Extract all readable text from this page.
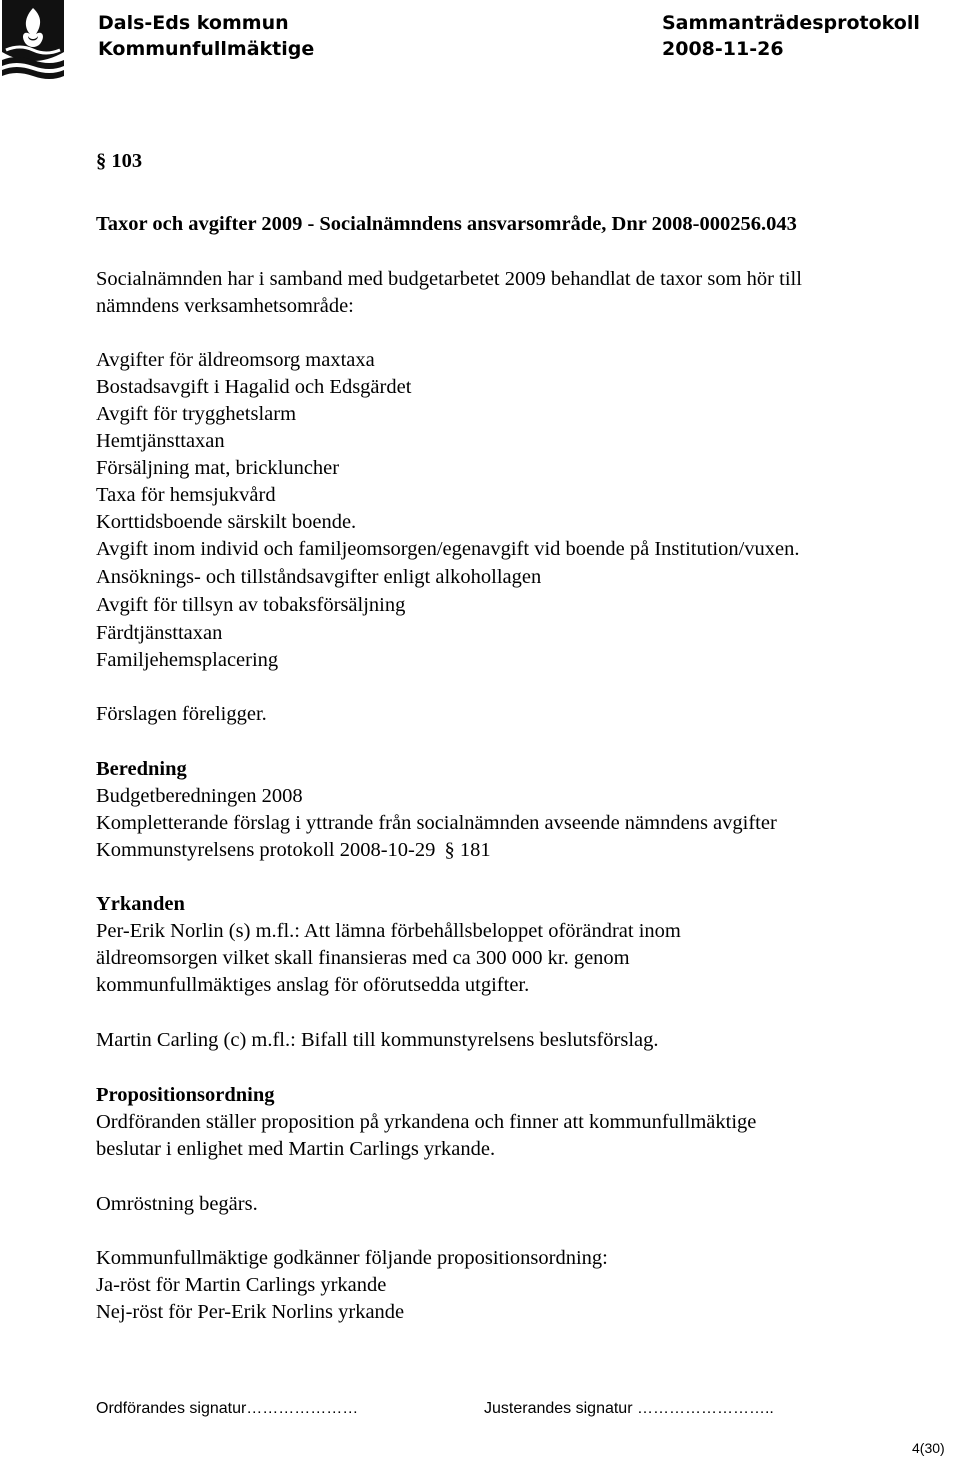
Dals-Eds kommun
Kommunfullmäktige
Sammanträdesprotokoll
2008-11-26
§ 103
Taxor och avgifter 2009 - Socialnämndens ansvarsområde, Dnr 2008-000256.043
Socialnämnden har i samband med budgetarbetet 2009 behandlat de taxor som hör till
nämndens verksamhetsområde:
Avgifter för äldreomsorg maxtaxa
Bostadsavgift i Hagalid och Edsgärdet
Avgift för trygghetslarm
Hemtjänsttaxan
Försäljning mat, brickluncher
Taxa för hemsjukvård
Korttidsboende särskilt boende.
Avgift inom individ och familjeomsorgen/egenavgift vid boende på Institution/vuxen.
Ansöknings- och tillståndsavgifter enligt alkohollagen
Avgift för tillsyn av tobaksförsäljning
Färdtjänsttaxan
Familjehemsplacering
Förslagen föreligger.
Beredning
Budgetberedningen 2008
Kompletterande förslag i yttrande från socialnämnden avseende nämndens avgifter
Kommunstyrelsens protokoll 2008-10-29 § 181
Yrkanden
Per-Erik Norlin (s) m.fl.: Att lämna förbehållsbeloppet oförändrat inom
äldreomsorgen vilket skall finansieras med ca 300 000 kr. genom
kommunfullmäktiges anslag för oförutsedda utgifter.
Martin Carling (c) m.fl.: Bifall till kommunstyrelsens beslutsförslag.
Propositionsordning
Ordföranden ställer proposition på yrkandena och finner att kommunfullmäktige
beslutar i enlighet med Martin Carlings yrkande.
Omröstning begärs.
Kommunfullmäktige godkänner följande propositionsordning:
Ja-röst för Martin Carlings yrkande
Nej-röst för Per-Erik Norlins yrkande
Ordförandes signatur…………………	Justerandes signatur ……………………..
4(30)
